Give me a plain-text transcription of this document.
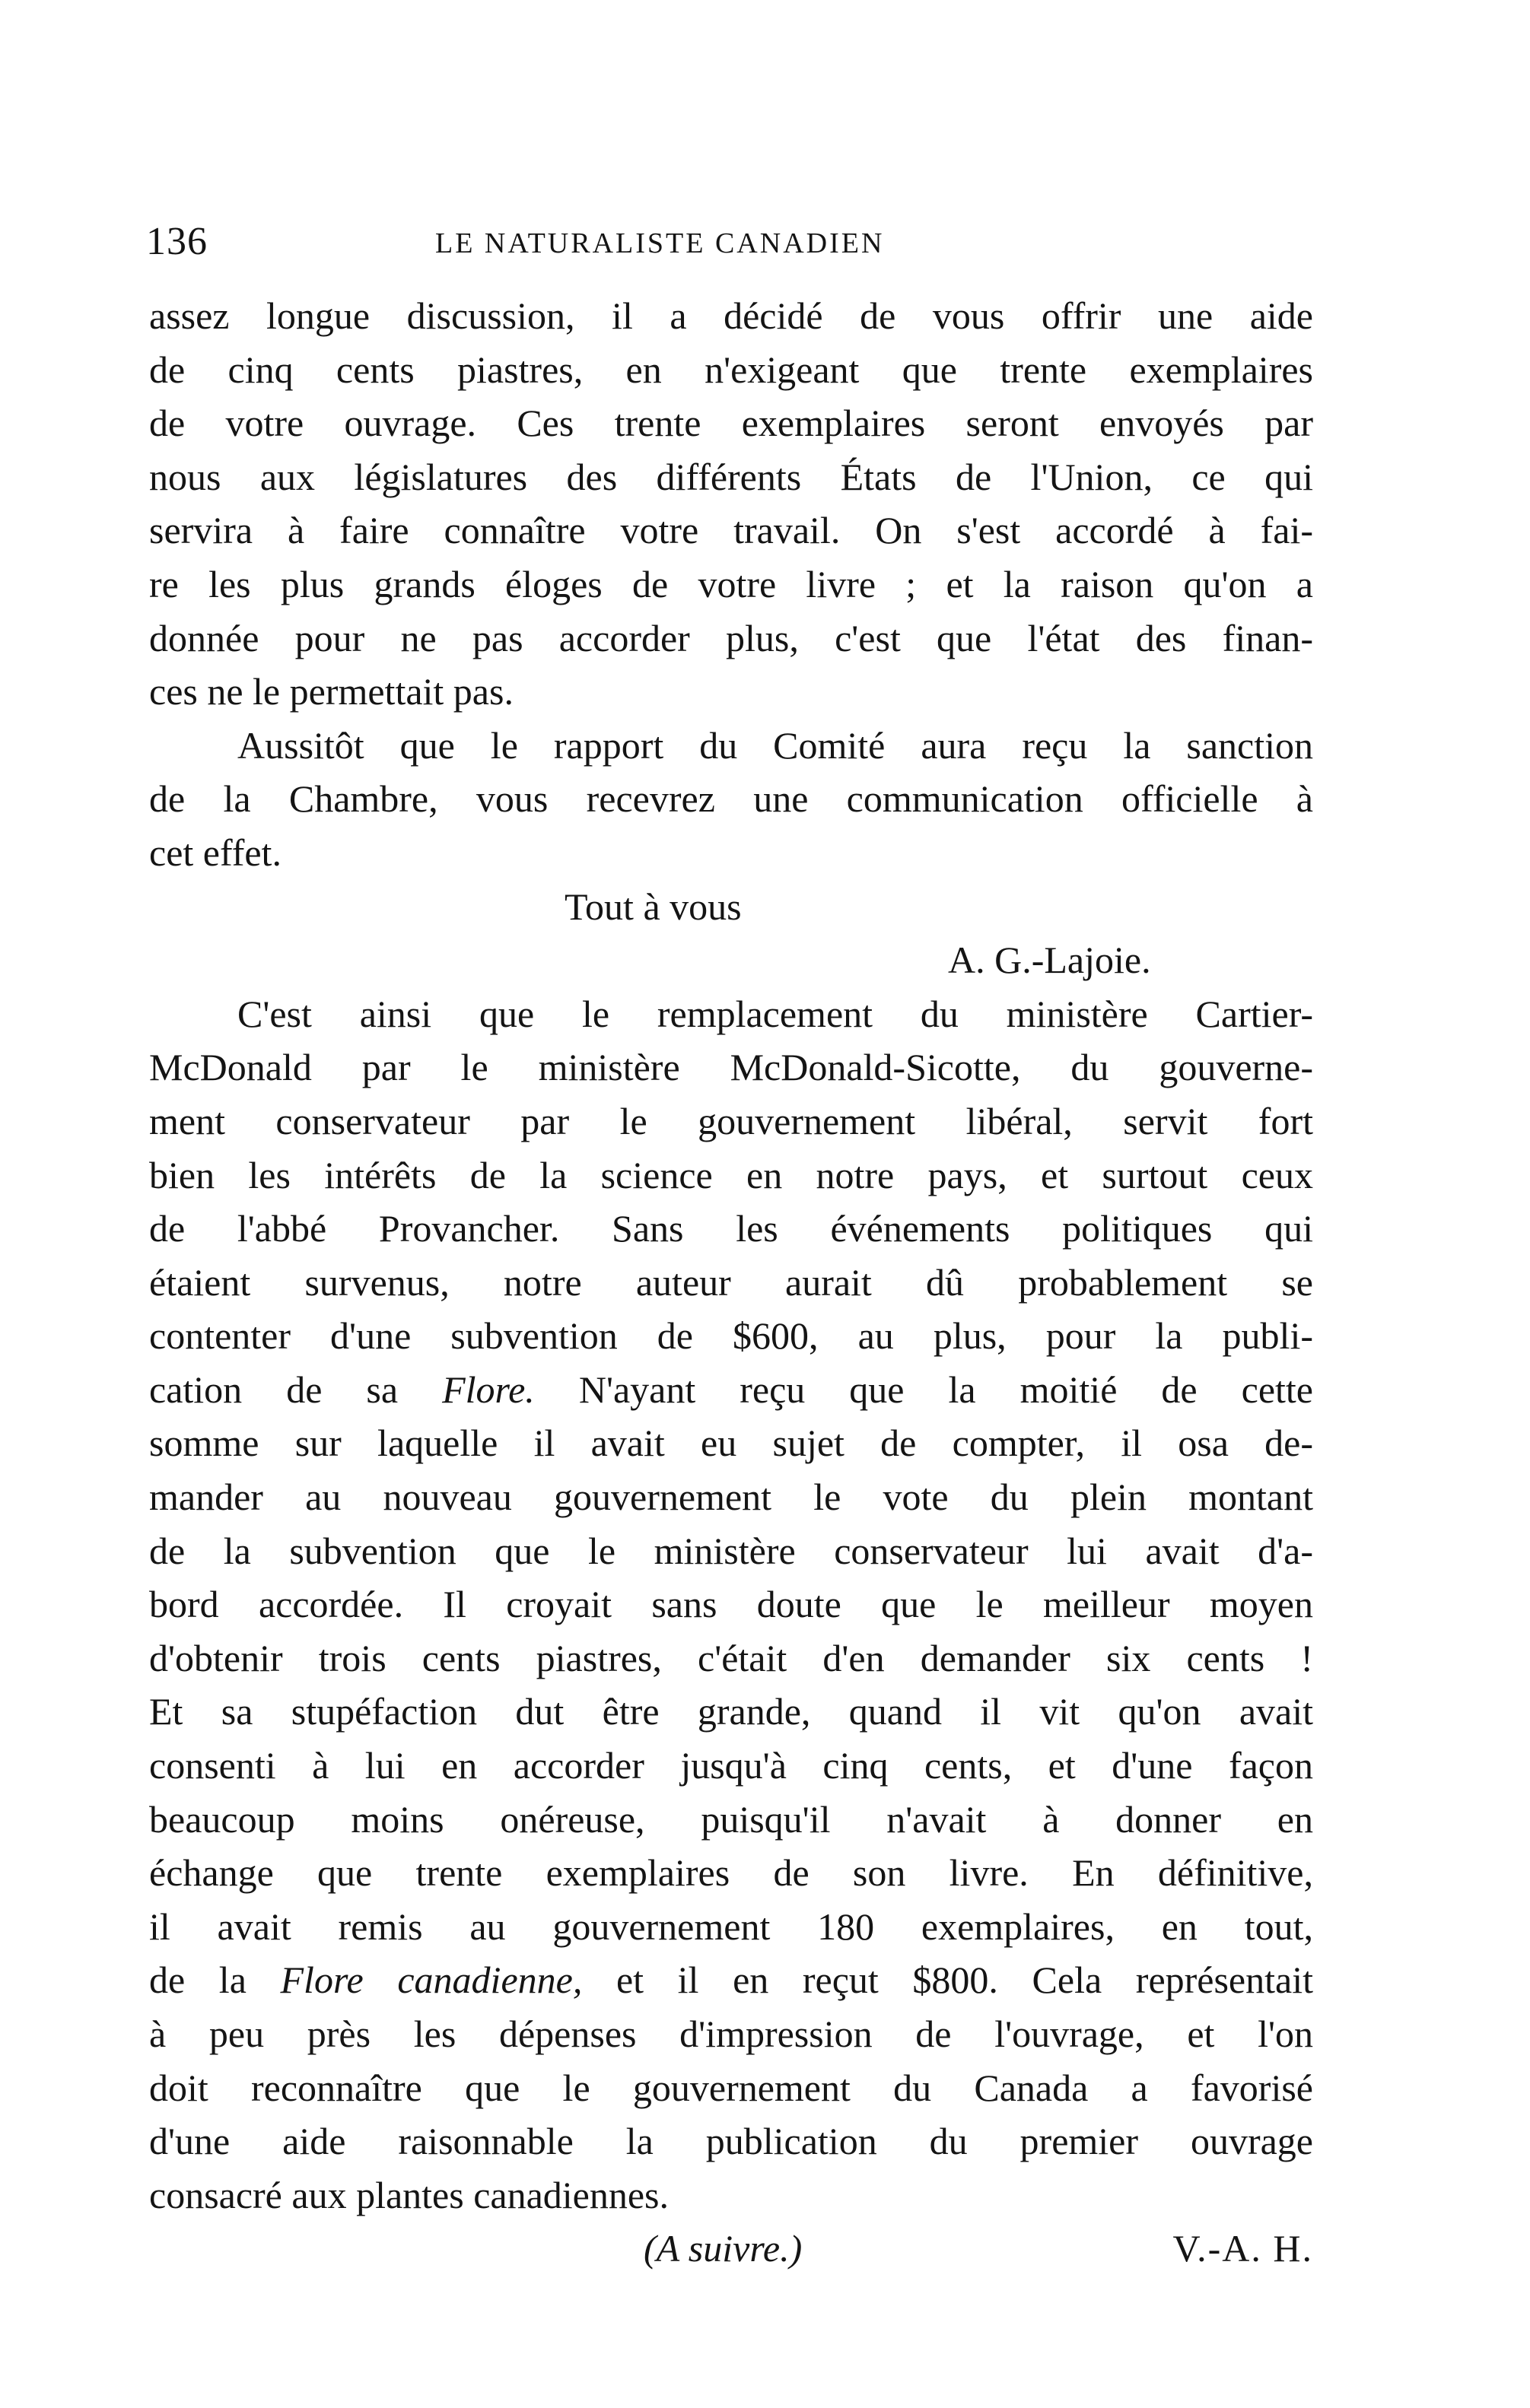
136	LE NATURALISTE CANADIEN
assez longue discussion, il a décidé de vous offrir une aide
de cinq cents piastres, en n'exigeant que trente exemplaires
de votre ouvrage. Ces trente exemplaires seront envoyés par
nous aux législatures des différents États de l'Union, ce qui
servira à faire connaître votre travail. On s'est accordé à fai-
re les plus grands éloges de votre livre ; et la raison qu'on a
donnée pour ne pas accorder plus, c'est que l'état des finan-
ces ne le permettait pas.
Aussitôt que le rapport du Comité aura reçu la sanction
de la Chambre, vous recevrez une communication officielle à
cet effet.
Tout à vous
A. G.-Lajoie.
C'est ainsi que le remplacement du ministère Cartier-
McDonald par le ministère McDonald-Sicotte, du gouverne-
ment conservateur par le gouvernement libéral, servit fort
bien les intérêts de la science en notre pays, et surtout ceux
de l'abbé Provancher. Sans les événements politiques qui
étaient survenus, notre auteur aurait dû probablement se
contenter d'une subvention de $600, au plus, pour la publi-
cation de sa Flore. N'ayant reçu que la moitié de cette
somme sur laquelle il avait eu sujet de compter, il osa de-
mander au nouveau gouvernement le vote du plein montant
de la subvention que le ministère conservateur lui avait d'a-
bord accordée. Il croyait sans doute que le meilleur moyen
d'obtenir trois cents piastres, c'était d'en demander six cents !
Et sa stupéfaction dut être grande, quand il vit qu'on avait
consenti à lui en accorder jusqu'à cinq cents, et d'une façon
beaucoup moins onéreuse, puisqu'il n'avait à donner en
échange que trente exemplaires de son livre. En définitive,
il avait remis au gouvernement 180 exemplaires, en tout,
de la Flore canadienne, et il en reçut $800. Cela représentait
à peu près les dépenses d'impression de l'ouvrage, et l'on
doit reconnaître que le gouvernement du Canada a favorisé
d'une aide raisonnable la publication du premier ouvrage
consacré aux plantes canadiennes.
(A suivre.)	V.-A. H.
